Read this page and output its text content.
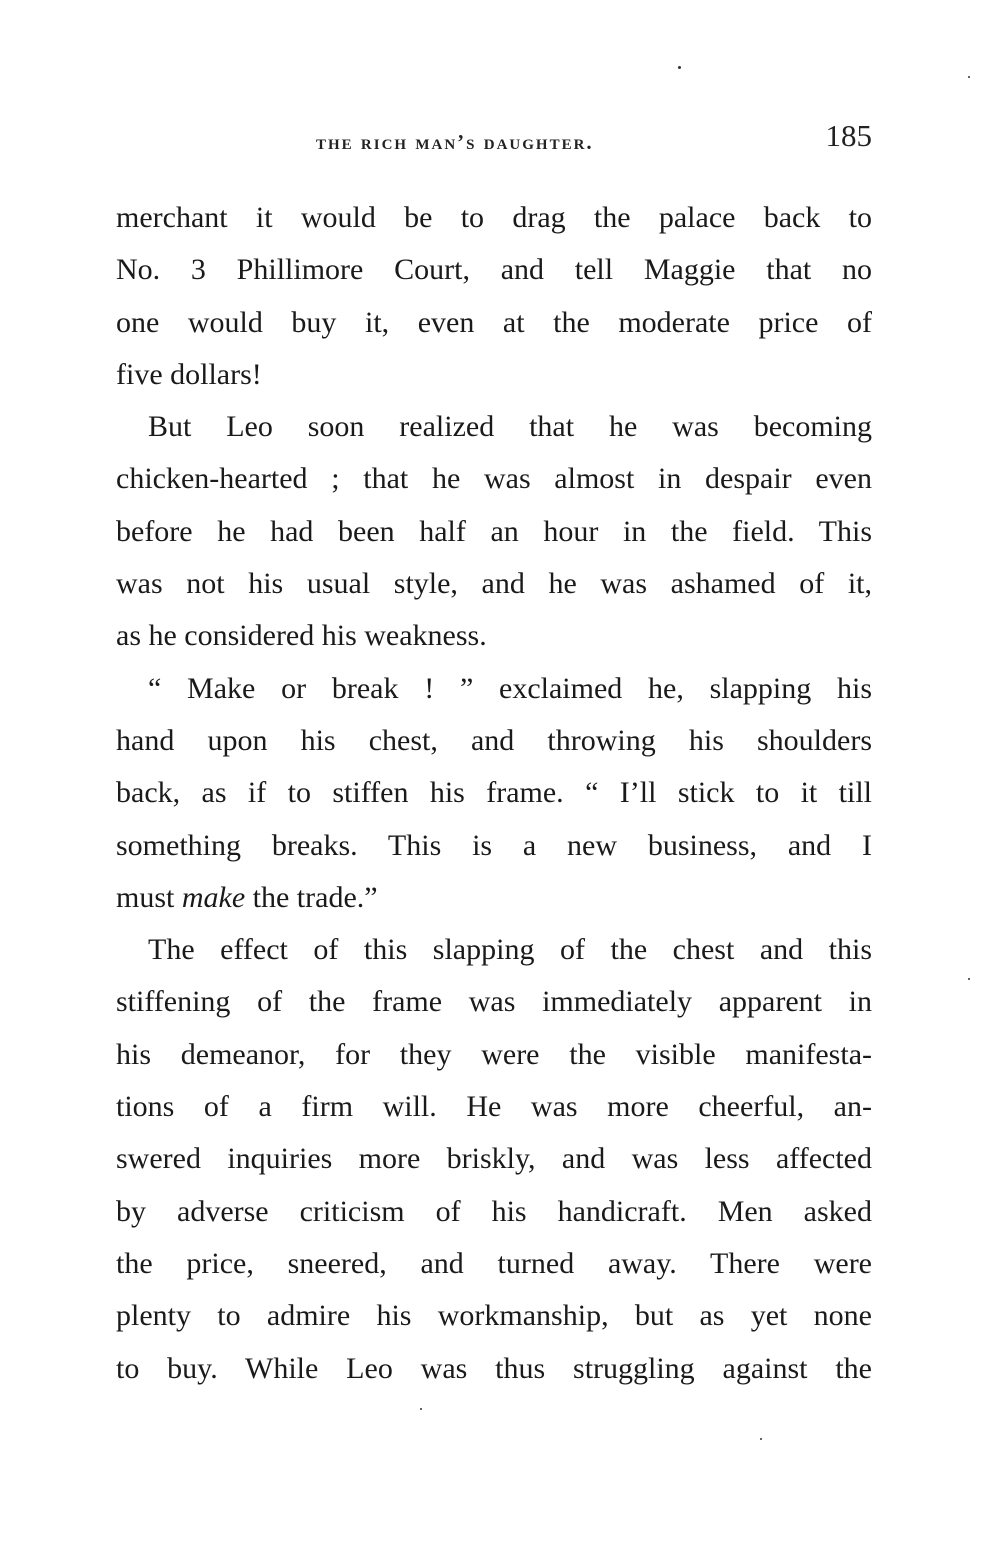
the rich man’s daughter.	185
merchant it would be to drag the palace back to
No. 3 Phillimore Court, and tell Maggie that no
one would buy it, even at the moderate price of
five dollars!
But Leo soon realized that he was becoming
chicken-hearted ; that he was almost in despair even
before he had been half an hour in the field. This
was not his usual style, and he was ashamed of it,
as he considered his weakness.
“ Make or break ! ” exclaimed he, slapping his
hand upon his chest, and throwing his shoulders
back, as if to stiffen his frame. “ I’ll stick to it till
something breaks. This is a new business, and I
must make the trade.”
The effect of this slapping of the chest and this
stiffening of the frame was immediately apparent in
his demeanor, for they were the visible manifesta-
tions of a firm will. He was more cheerful, an-
swered inquiries more briskly, and was less affected
by adverse criticism of his handicraft. Men asked
the price, sneered, and turned away. There were
plenty to admire his workmanship, but as yet none
to buy. While Leo was thus struggling against the
